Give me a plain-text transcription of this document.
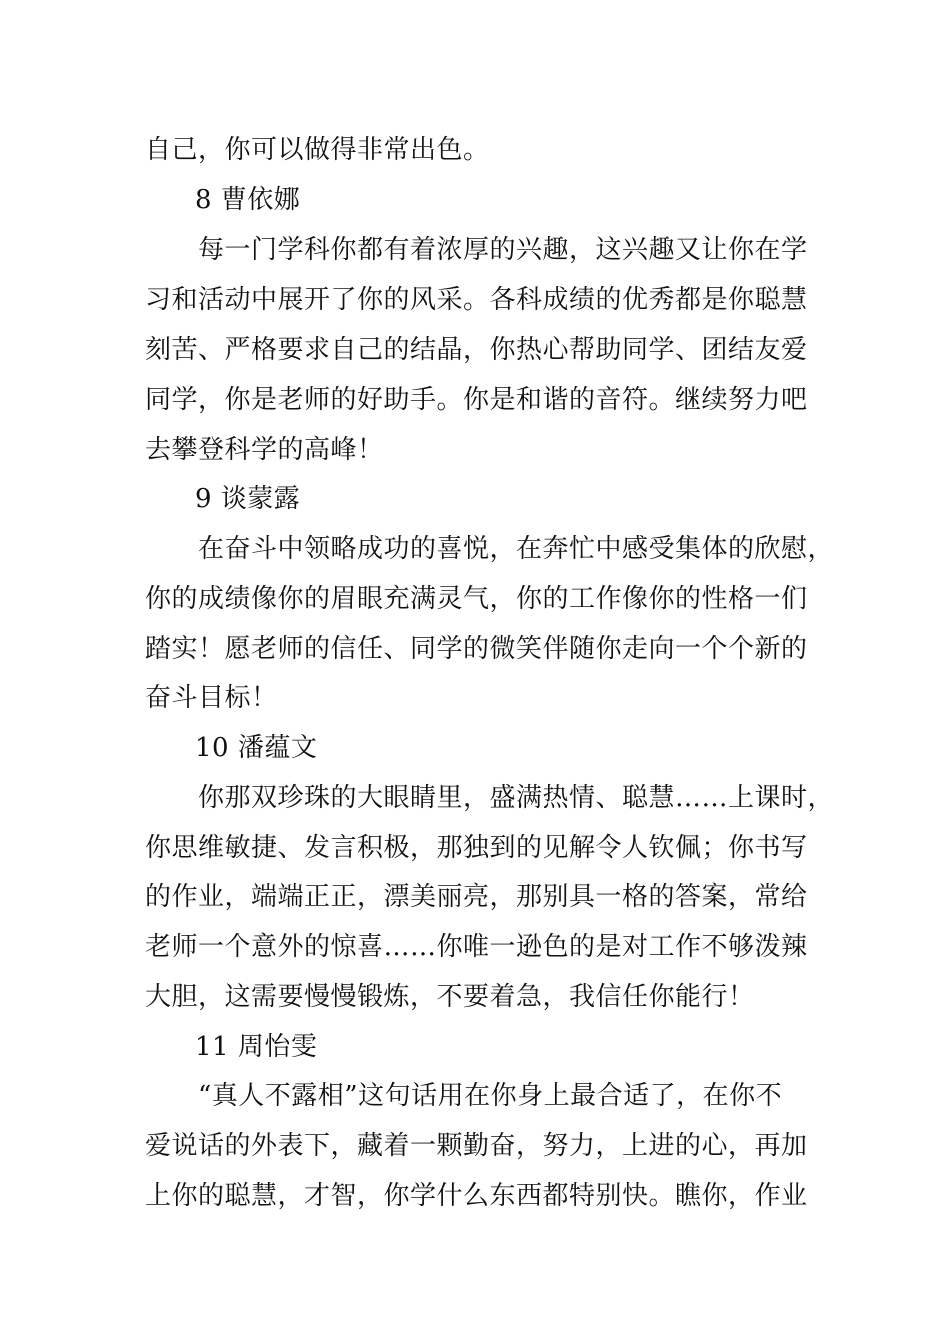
自己，你可以做得非常出色。
8 曹依娜
每一门学科你都有着浓厚的兴趣，这兴趣又让你在学
习和活动中展开了你的风采。各科成绩的优秀都是你聪慧
刻苦、严格要求自己的结晶，你热心帮助同学、团结友爱
同学，你是老师的好助手。你是和谐的音符。继续努力吧
去攀登科学的高峰！
9 谈蒙露
在奋斗中领略成功的喜悦，在奔忙中感受集体的欣慰，
你的成绩像你的眉眼充满灵气，你的工作像你的性格一们
踏实！愿老师的信任、同学的微笑伴随你走向一个个新的
奋斗目标！
10 潘蕴文
你那双珍珠的大眼睛里，盛满热情、聪慧……上课时，
你思维敏捷、发言积极，那独到的见解令人钦佩；你书写
的作业，端端正正，漂美丽亮，那别具一格的答案，常给
老师一个意外的惊喜……你唯一逊色的是对工作不够泼辣
大胆，这需要慢慢锻炼，不要着急，我信任你能行！
11 周怡雯
“真人不露相”这句话用在你身上最合适了，在你不
爱说话的外表下，藏着一颗勤奋，努力，上进的心，再加
上你的聪慧，才智，你学什么东西都特别快。瞧你，作业
